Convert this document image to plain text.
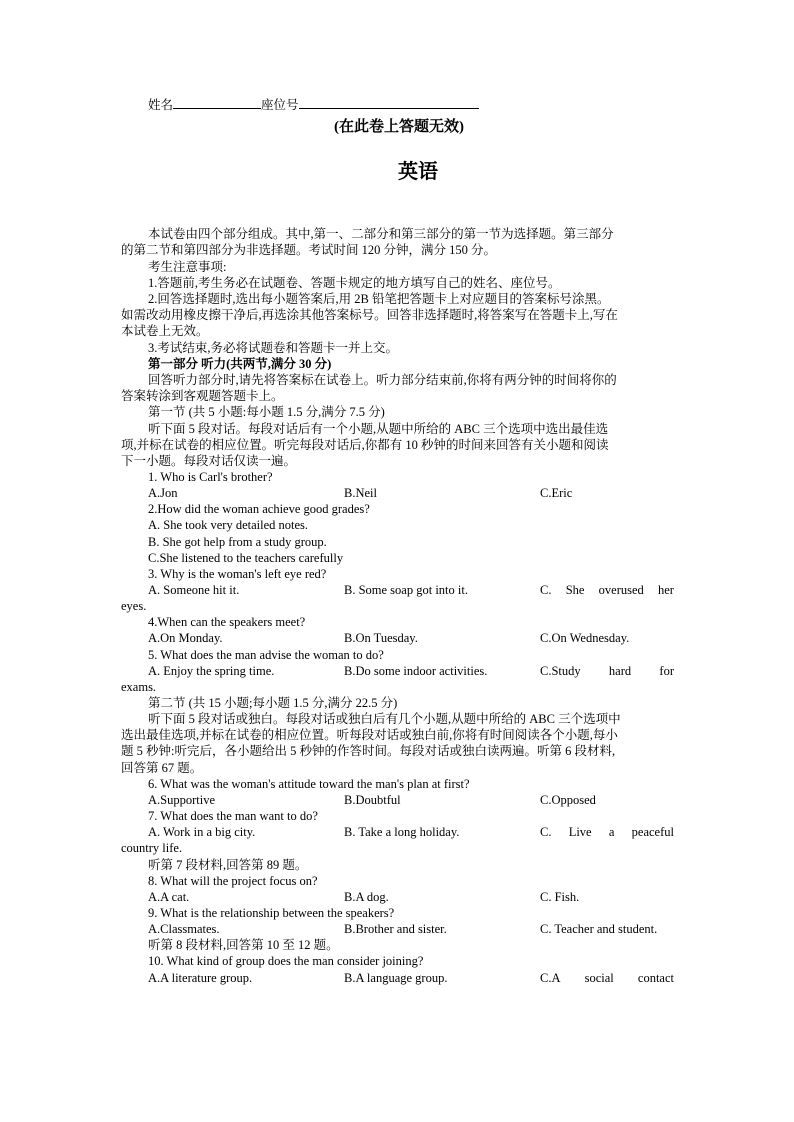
姓名	座位号
(在此卷上答题无效)
英语
本试卷由四个部分组成。其中,第一、二部分和第三部分的第一节为选择题。第三部分
的第二节和第四部分为非选择题。考试时间 120 分钟，满分 150 分。
考生注意事项:
1.答题前,考生务必在试题卷、答题卡规定的地方填写自己的姓名、座位号。
2.回答选择题时,选出每小题答案后,用 2B 铅笔把答题卡上对应题目的答案标号涂黑。
如需改动用橡皮擦干净后,再选涂其他答案标号。回答非选择题时,将答案写在答题卡上,写在
本试卷上无效。
3.考试结束,务必将试题卷和答题卡一并上交。
第一部分 听力(共两节,满分 30 分)
回答听力部分时,请先将答案标在试卷上。听力部分结束前,你将有两分钟的时间将你的
答案转涂到客观题答题卡上。
第一节 (共 5 小题:每小题 1.5 分,满分 7.5 分)
听下面 5 段对话。每段对话后有一个小题,从题中所给的 ABC 三个选项中选出最佳选
项,并标在试卷的相应位置。听完每段对话后,你都有 10 秒钟的时间来回答有关小题和阅读
下一小题。每段对话仅读一遍。
1. Who is Carl's brother?
A.Jon	B.Neil	C.Eric
2.How did the woman achieve good grades?
A. She took very detailed notes.
B. She got help from a study group.
C.She listened to the teachers carefully
3. Why is the woman's left eye red?
A. Someone hit it.	B. Some soap got into it.	C. She overused her
eyes.
4.When can the speakers meet?
A.On Monday.	B.On Tuesday.	C.On Wednesday.
5. What does the man advise the woman to do?
A. Enjoy the spring time.	B.Do some indoor activities.	C.Study hard for
exams.
第二节 (共 15 小题;每小题 1.5 分,满分 22.5 分)
听下面 5 段对话或独白。每段对话或独白后有几个小题,从题中所给的 ABC 三个选项中
选出最佳选项,并标在试卷的相应位置。听每段对话或独白前,你将有时间阅读各个小题,每小
题 5 秒钟:听完后，各小题给出 5 秒钟的作答时间。每段对话或独白读两遍。听第 6 段材料,
回答第 67 题。
6. What was the woman's attitude toward the man's plan at first?
A.Supportive	B.Doubtful	C.Opposed
7. What does the man want to do?
A. Work in a big city.	B. Take a long holiday.	C. Live a peaceful
country life.
听第 7 段材料,回答第 89 题。
8. What will the project focus on?
A.A cat.	B.A dog.	C. Fish.
9. What is the relationship between the speakers?
A.Classmates.	B.Brother and sister.	C. Teacher and student.
听第 8 段材料,回答第 10 至 12 题。
10. What kind of group does the man consider joining?
A.A literature group.	B.A language group.	C.A social contact
